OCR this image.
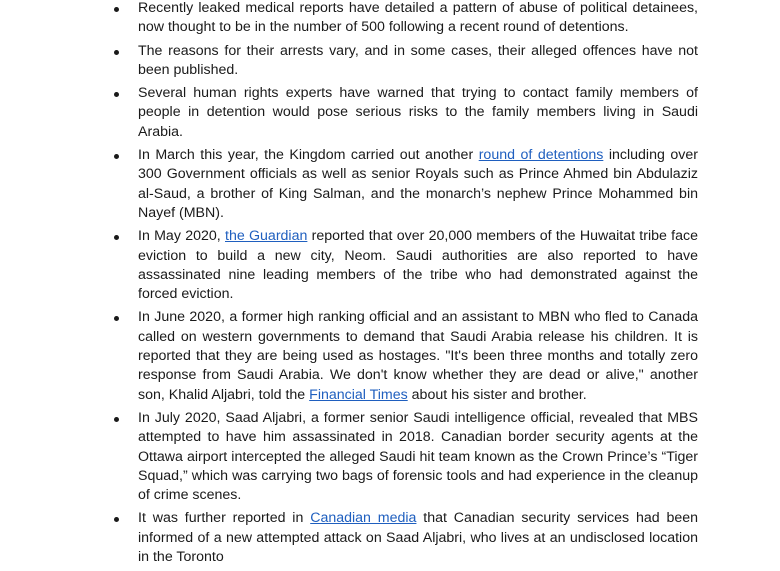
Recently leaked medical reports have detailed a pattern of abuse of political detainees, now thought to be in the number of 500 following a recent round of detentions.
The reasons for their arrests vary, and in some cases, their alleged offences have not been published.
Several human rights experts have warned that trying to contact family members of people in detention would pose serious risks to the family members living in Saudi Arabia.
In March this year, the Kingdom carried out another round of detentions including over 300 Government officials as well as senior Royals such as Prince Ahmed bin Abdulaziz al-Saud, a brother of King Salman, and the monarch’s nephew Prince Mohammed bin Nayef (MBN).
In May 2020, the Guardian reported that over 20,000 members of the Huwaitat tribe face eviction to build a new city, Neom. Saudi authorities are also reported to have assassinated nine leading members of the tribe who had demonstrated against the forced eviction.
In June 2020, a former high ranking official and an assistant to MBN who fled to Canada called on western governments to demand that Saudi Arabia release his children. It is reported that they are being used as hostages. "It's been three months and totally zero response from Saudi Arabia. We don't know whether they are dead or alive," another son, Khalid Aljabri, told the Financial Times about his sister and brother.
In July 2020, Saad Aljabri, a former senior Saudi intelligence official, revealed that MBS attempted to have him assassinated in 2018. Canadian border security agents at the Ottawa airport intercepted the alleged Saudi hit team known as the Crown Prince’s “Tiger Squad,” which was carrying two bags of forensic tools and had experience in the cleanup of crime scenes.
It was further reported in Canadian media that Canadian security services had been informed of a new attempted attack on Saad Aljabri, who lives at an undisclosed location in the Toronto
